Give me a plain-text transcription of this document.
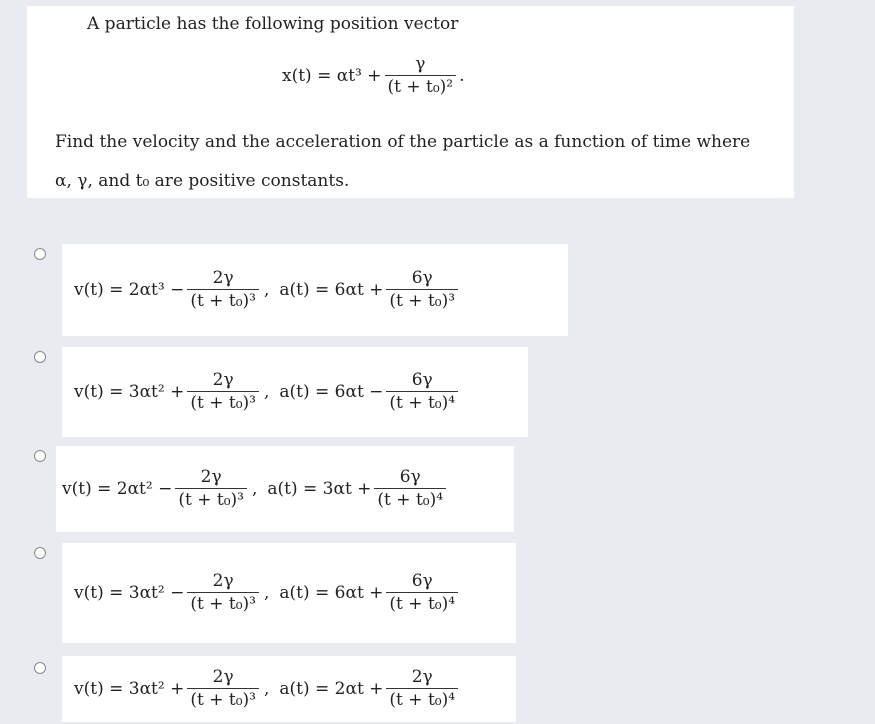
A particle has the following position vector
$x(t) = \alpha t^3 + \frac{\gamma}{\text{(t + t₀)²}}$ .
Find the velocity and the acceleration of the particle as a function of time where
α, γ, and t₀ are positive constants.
$v(t) = 2\alpha t^3 - \frac{2\gamma}{\text{(t + t₀)³}}$ , $a(t) = 6\alpha t + \frac{6\gamma}{\text{(t + t₀)³}}$
$v(t) = 3\alpha t^2 + \frac{2\gamma}{\text{(t + t₀)³}}$ , $a(t) = 6\alpha t - \frac{6\gamma}{\text{(t + t₀)⁴}}$
$v(t) = 2\alpha t^2 - \frac{2\gamma}{\text{(t + t₀)³}}$ , $a(t) = 3\alpha t + \frac{6\gamma}{\text{(t + t₀)⁴}}$
$v(t) = 3\alpha t^2 - \frac{2\gamma}{\text{(t + t₀)³}}$ , $a(t) = 6\alpha t + \frac{6\gamma}{\text{(t + t₀)⁴}}$
$v(t) = 3\alpha t^2 + \frac{2\gamma}{\text{(t + t₀)³}}$ , $a(t) = 2\alpha t + \frac{2\gamma}{\text{(t + t₀)⁴}}$
